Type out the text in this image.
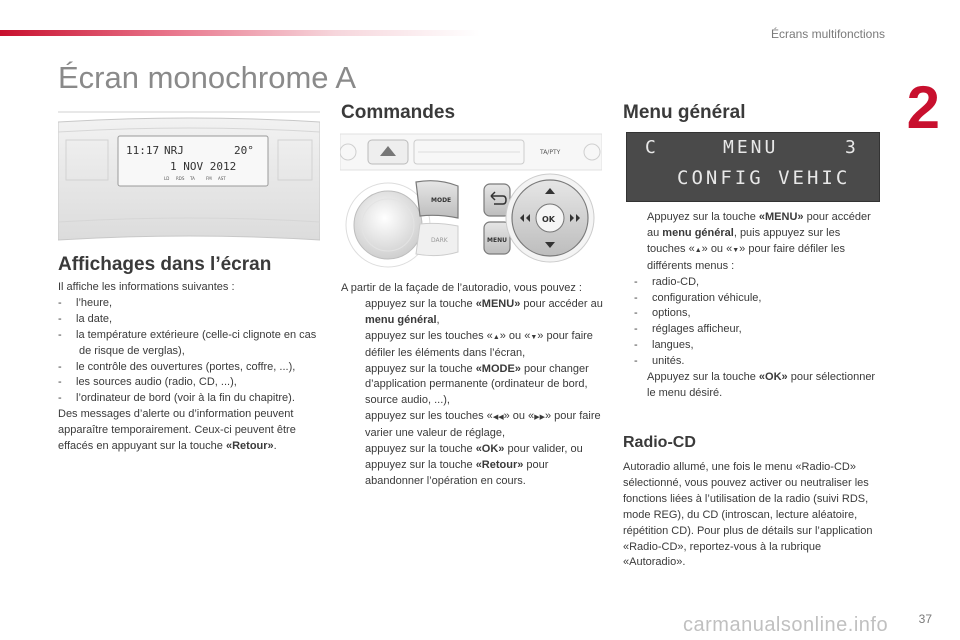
Écrans multifonctions
2
Écran monochrome A
11:17 NRJ	20°
1 NOV 2012
LD RDS TA	FM AST
Affichages dans l’écran

Il affiche les informations suivantes :

- l’heure,

- la date,

- la température extérieure (celle-ci clignote en cas de risque de verglas),

- le contrôle des ouvertures (portes, coffre, ...),

- les sources audio (radio, CD, ...),

- l’ordinateur de bord (voir à la fin du chapitre).

Des messages d’alerte ou d’information peuvent apparaître temporairement. Ceux-ci peuvent être effacés en appuyant sur la touche «Retour».

Commandes
TA/PTY
MODE
DARK	MENU
OK

A partir de la façade de l’autoradio, vous pouvez :

appuyez sur la touche «MENU» pour accéder au menu général,

appuyez sur les touches «▲» ou «▼» pour faire défiler les éléments dans l’écran,

appuyez sur la touche «MODE» pour changer d’application permanente (ordinateur de bord, source audio, ...),

appuyez sur les touches «◀◀» ou «▶▶» pour faire varier une valeur de réglage,

appuyez sur la touche «OK» pour valider, ou

appuyez sur la touche «Retour» pour abandonner l’opération en cours.

Menu général
C	MENU	3
CONFIG VEHIC

Appuyez sur la touche «MENU» pour accéder au menu général, puis appuyez sur les touches «▲» ou «▼» pour faire défiler les différents menus :

- radio-CD,

- configuration véhicule,

- options,

- réglages afficheur,

- langues,

- unités.

Appuyez sur la touche «OK» pour sélectionner le menu désiré.

Radio-CD

Autoradio allumé, une fois le menu «Radio-CD» sélectionné, vous pouvez activer ou neutraliser les fonctions liées à l’utilisation de la radio (suivi RDS, mode REG), du CD (introscan, lecture aléatoire, répétition CD). Pour plus de détails sur l’application «Radio-CD», reportez-vous à la rubrique «Autoradio».

carmanualsonline.info	37
